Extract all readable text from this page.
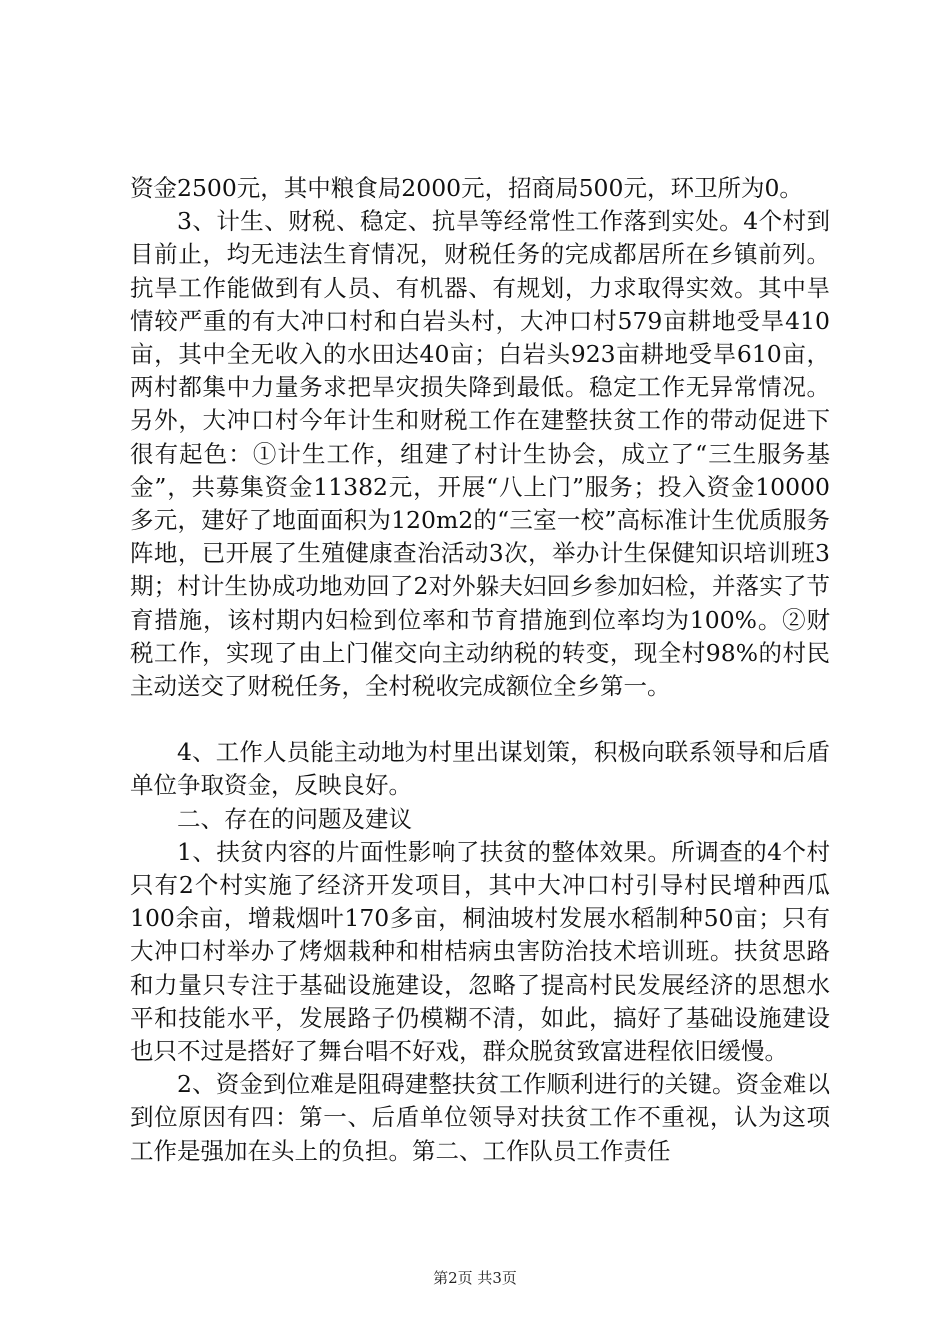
资金2500元，其中粮食局2000元，招商局500元，环卫所为0。

3、计生、财税、稳定、抗旱等经常性工作落到实处。4个村到目前止，均无违法生育情况，财税任务的完成都居所在乡镇前列。抗旱工作能做到有人员、有机器、有规划，力求取得实效。其中旱情较严重的有大冲口村和白岩头村，大冲口村579亩耕地受旱410亩，其中全无收入的水田达40亩；白岩头923亩耕地受旱610亩，两村都集中力量务求把旱灾损失降到最低。稳定工作无异常情况。另外，大冲口村今年计生和财税工作在建整扶贫工作的带动促进下很有起色：①计生工作，组建了村计生协会，成立了“三生服务基金”，共募集资金11382元，开展“八上门”服务；投入资金10000多元，建好了地面面积为120m2的“三室一校”高标准计生优质服务阵地，已开展了生殖健康查治活动3次，举办计生保健知识培训班3期；村计生协成功地劝回了2对外躲夫妇回乡参加妇检，并落实了节育措施，该村期内妇检到位率和节育措施到位率均为100%。②财税工作，实现了由上门催交向主动纳税的转变，现全村98%的村民主动送交了财税任务，全村税收完成额位全乡第一。

4、工作人员能主动地为村里出谋划策，积极向联系领导和后盾单位争取资金，反映良好。

二、存在的问题及建议

1、扶贫内容的片面性影响了扶贫的整体效果。所调查的4个村只有2个村实施了经济开发项目，其中大冲口村引导村民增种西瓜100余亩，增栽烟叶170多亩，桐油坡村发展水稻制种50亩；只有大冲口村举办了烤烟栽种和柑桔病虫害防治技术培训班。扶贫思路和力量只专注于基础设施建设，忽略了提高村民发展经济的思想水平和技能水平，发展路子仍模糊不清，如此，搞好了基础设施建设也只不过是搭好了舞台唱不好戏，群众脱贫致富进程依旧缓慢。

2、资金到位难是阻碍建整扶贫工作顺利进行的关键。资金难以到位原因有四：第一、后盾单位领导对扶贫工作不重视，认为这项工作是强加在头上的负担。第二、工作队员工作责任

第2页 共3页
